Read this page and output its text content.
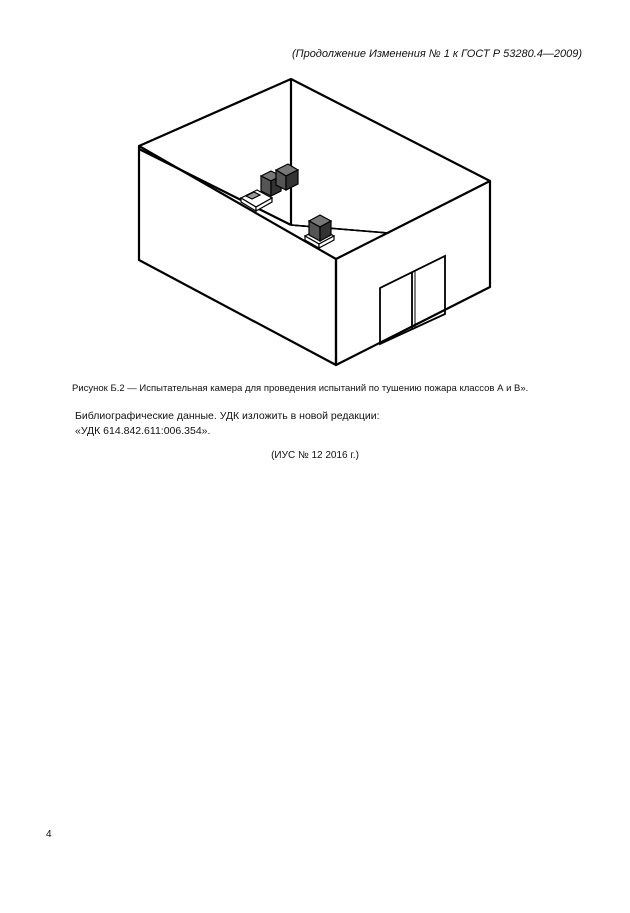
(Продолжение Изменения № 1 к ГОСТ Р 53280.4—2009)
Рисунок Б.2 — Испытательная камера для проведения испытаний по тушению пожара классов А и В».
Библиографические данные. УДК изложить в новой редакции:
«УДК 614.842.611:006.354».
(ИУС № 12 2016 г.)
4
